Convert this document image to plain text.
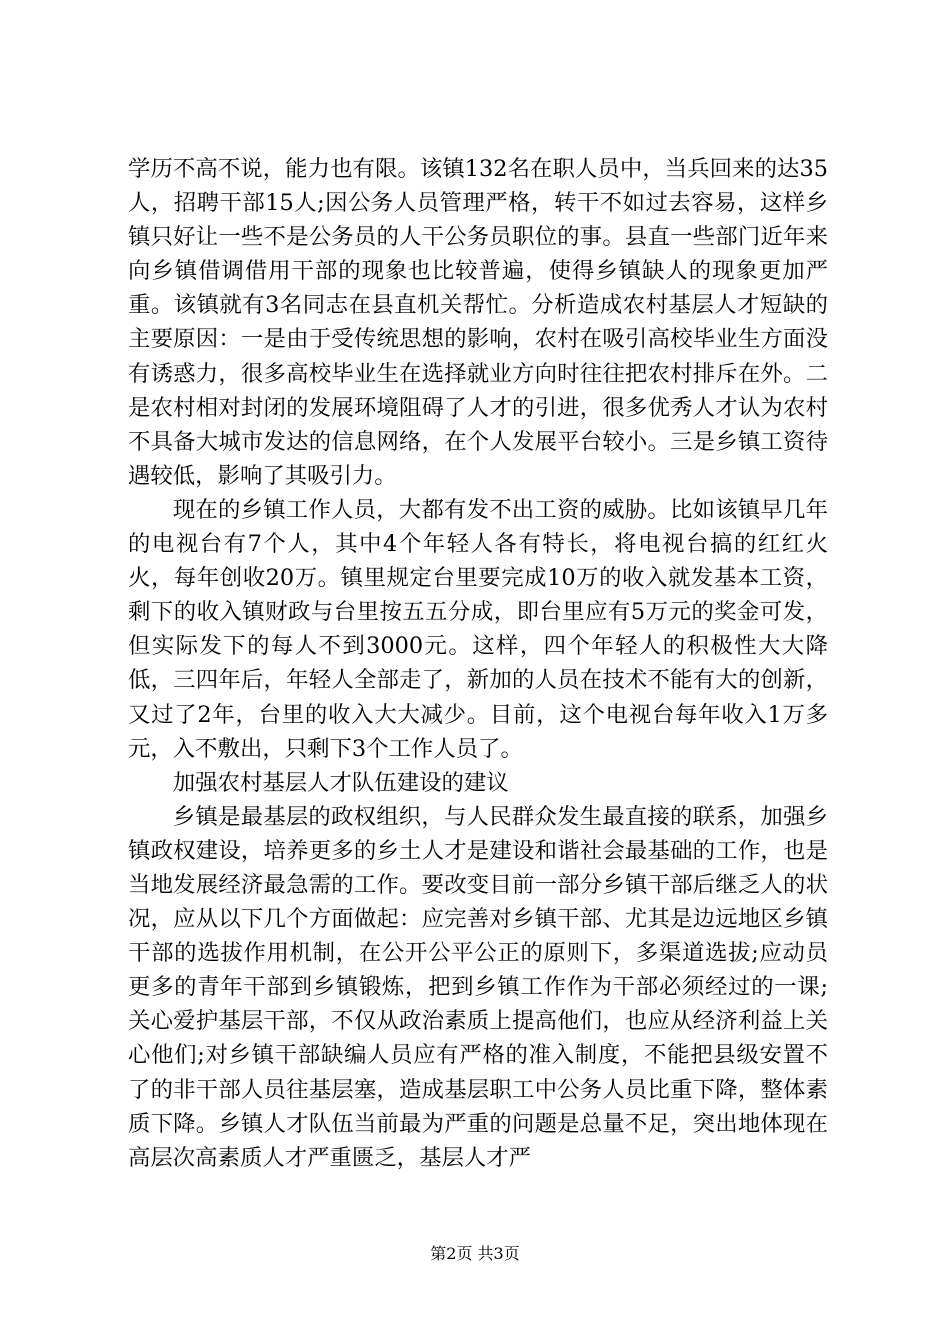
学历不高不说，能力也有限。该镇132名在职人员中，当兵回来的达35人，招聘干部15人;因公务人员管理严格，转干不如过去容易，这样乡镇只好让一些不是公务员的人干公务员职位的事。县直一些部门近年来向乡镇借调借用干部的现象也比较普遍，使得乡镇缺人的现象更加严重。该镇就有3名同志在县直机关帮忙。分析造成农村基层人才短缺的主要原因：一是由于受传统思想的影响，农村在吸引高校毕业生方面没有诱惑力，很多高校毕业生在选择就业方向时往往把农村排斥在外。二是农村相对封闭的发展环境阻碍了人才的引进，很多优秀人才认为农村不具备大城市发达的信息网络，在个人发展平台较小。三是乡镇工资待遇较低，影响了其吸引力。

现在的乡镇工作人员，大都有发不出工资的威胁。比如该镇早几年的电视台有7个人，其中4个年轻人各有特长，将电视台搞的红红火火，每年创收20万。镇里规定台里要完成10万的收入就发基本工资，剩下的收入镇财政与台里按五五分成，即台里应有5万元的奖金可发，但实际发下的每人不到3000元。这样，四个年轻人的积极性大大降低，三四年后，年轻人全部走了，新加的人员在技术不能有大的创新，又过了2年，台里的收入大大减少。目前，这个电视台每年收入1万多元，入不敷出，只剩下3个工作人员了。

加强农村基层人才队伍建设的建议

乡镇是最基层的政权组织，与人民群众发生最直接的联系，加强乡镇政权建设，培养更多的乡土人才是建设和谐社会最基础的工作，也是当地发展经济最急需的工作。要改变目前一部分乡镇干部后继乏人的状况，应从以下几个方面做起：应完善对乡镇干部、尤其是边远地区乡镇干部的选拔作用机制，在公开公平公正的原则下，多渠道选拔;应动员更多的青年干部到乡镇锻炼，把到乡镇工作作为干部必须经过的一课;关心爱护基层干部，不仅从政治素质上提高他们，也应从经济利益上关心他们;对乡镇干部缺编人员应有严格的准入制度，不能把县级安置不了的非干部人员往基层塞，造成基层职工中公务人员比重下降，整体素质下降。乡镇人才队伍当前最为严重的问题是总量不足，突出地体现在高层次高素质人才严重匮乏，基层人才严

第2页 共3页
